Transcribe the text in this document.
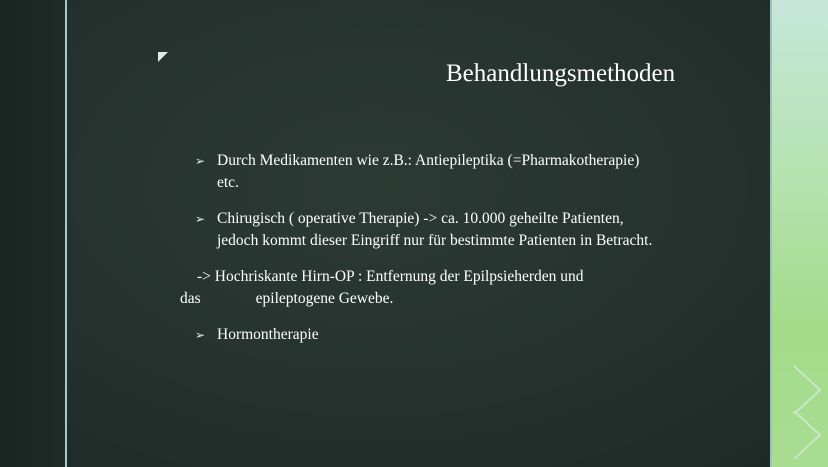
Behandlungsmethoden
➢ Durch Medikamenten wie z.B.: Antiepileptika (=Pharmakotherapie)
etc.
➢ Chirugisch ( operative Therapie) -> ca. 10.000 geheilte Patienten,
jedoch kommt dieser Eingriff nur für bestimmte Patienten in Betracht.
-> Hochriskante Hirn-OP : Entfernung der Epilpsieherden und
das	epileptogene Gewebe.
➢ Hormontherapie
